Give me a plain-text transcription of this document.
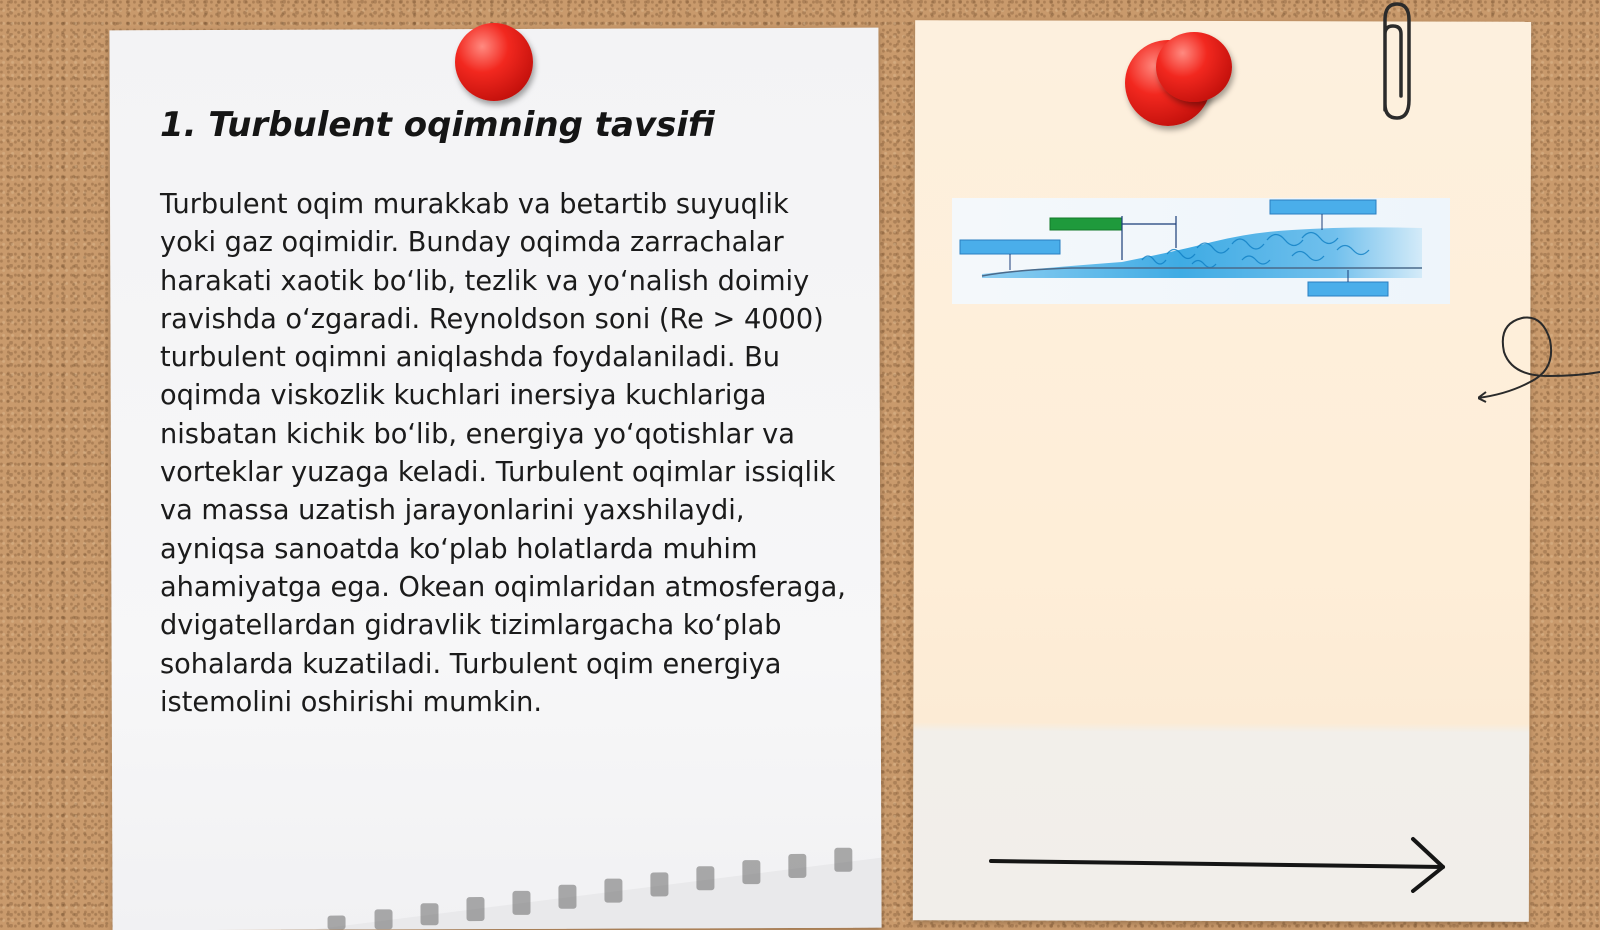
1. Turbulent oqimning tavsifi

Turbulent oqim murakkab va betartib suyuqlik yoki gaz oqimidir. Bunday oqimda zarrachalar harakati xaotik bo‘lib, tezlik va yo‘nalish doimiy ravishda o‘zgaradi. Reynoldson soni (Re > 4000) turbulent oqimni aniqlashda foydalaniladi. Bu oqimda viskozlik kuchlari inersiya kuchlariga nisbatan kichik bo‘lib, energiya yo‘qotishlar va vorteklar yuzaga keladi. Turbulent oqimlar issiqlik va massa uzatish jarayonlarini yaxshilaydi, ayniqsa sanoatda ko‘plab holatlarda muhim ahamiyatga ega. Okean oqimlaridan atmosferaga, dvigatellardan gidravlik tizimlargacha ko‘plab sohalarda kuzatiladi. Turbulent oqim energiya istemolini oshirishi mumkin.
